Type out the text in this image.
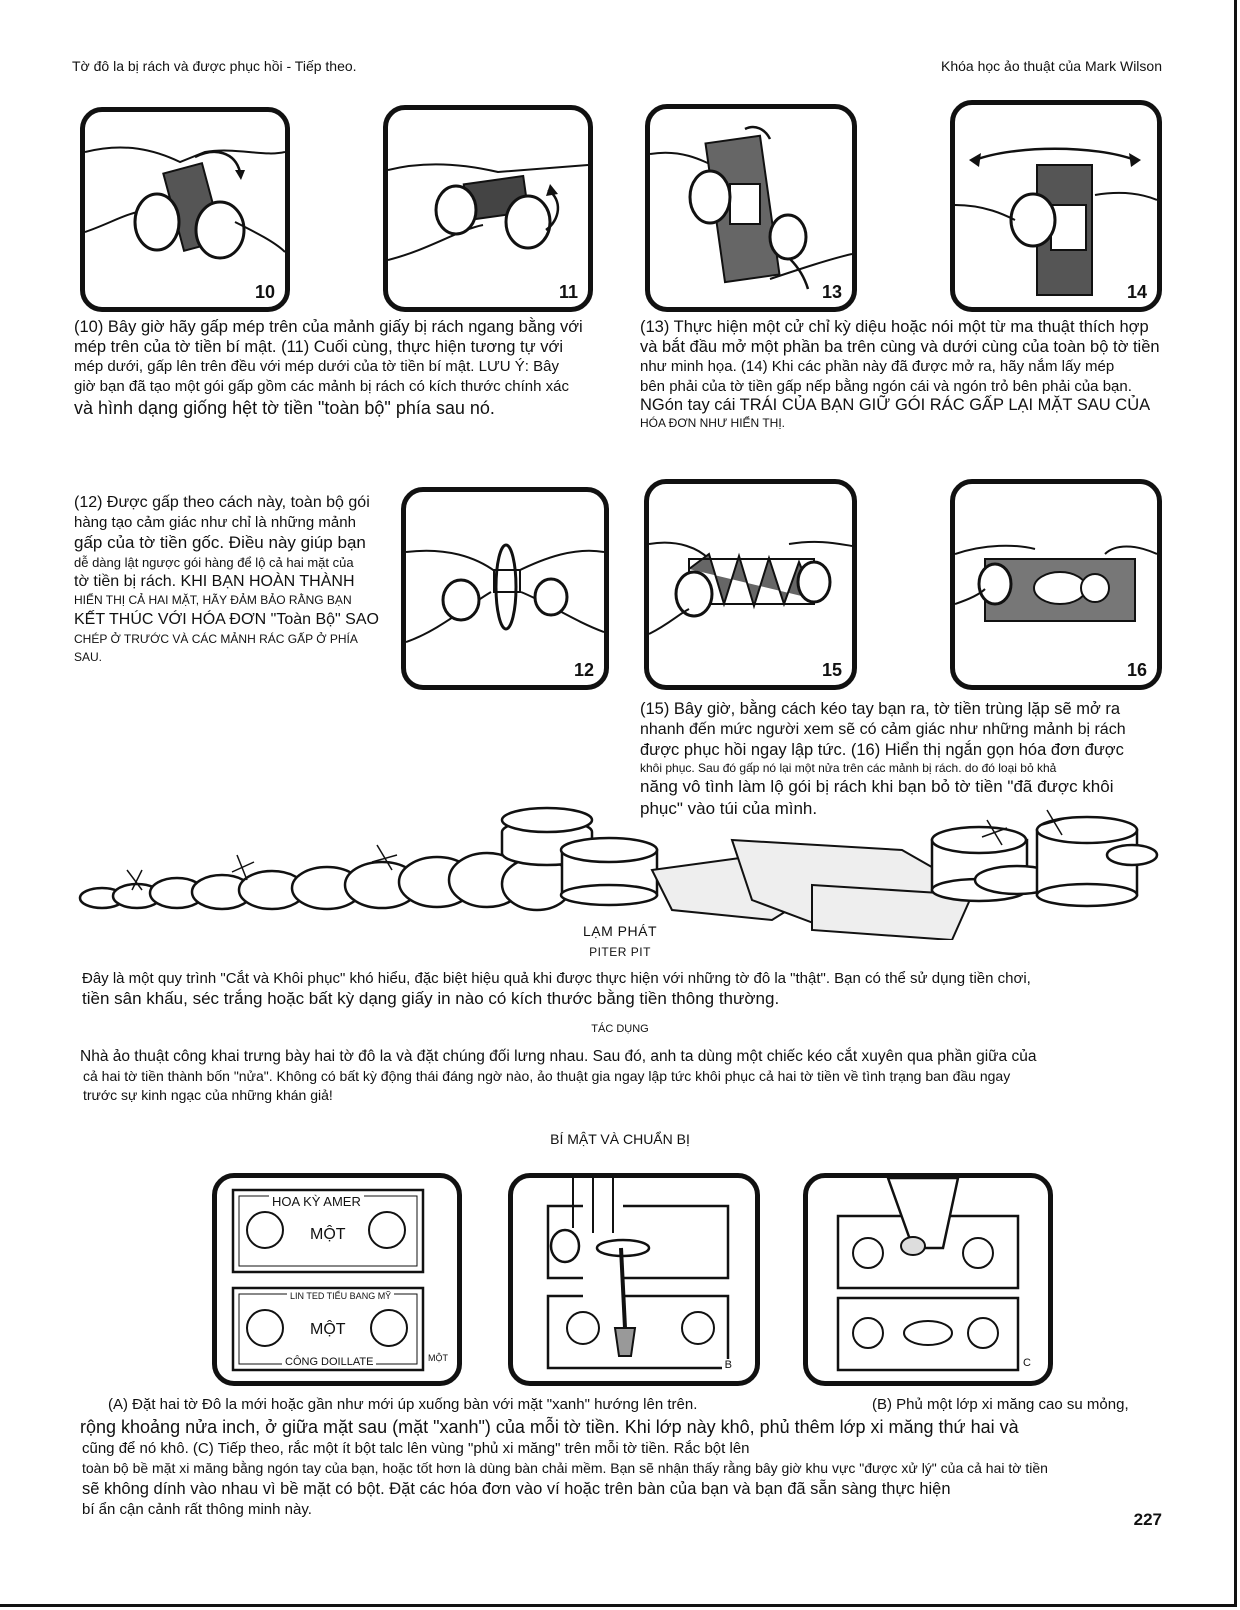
Tờ đô la bị rách và được phục hồi - Tiếp theo.	Khóa học ảo thuật của Mark Wilson
10	11	13	14
(10) Bây giờ hãy gấp mép trên của mảnh giấy bị rách ngang bằng với
mép trên của tờ tiền bí mật. (11) Cuối cùng, thực hiện tương tự với
mép dưới, gấp lên trên đều với mép dưới của tờ tiền bí mật. LƯU Ý: Bây
giờ bạn đã tạo một gói gấp gồm các mảnh bị rách có kích thước chính xác
và hình dạng giống hệt tờ tiền "toàn bộ" phía sau nó.
(13) Thực hiện một cử chỉ kỳ diệu hoặc nói một từ ma thuật thích hợp
và bắt đầu mở một phần ba trên cùng và dưới cùng của toàn bộ tờ tiền
như minh họa. (14) Khi các phần này đã được mở ra, hãy nắm lấy mép
bên phải của tờ tiền gấp nếp bằng ngón cái và ngón trỏ bên phải của bạn.
NGón tay cái TRÁI CỦA BẠN GIỮ GÓI RÁC GẤP LẠI MẶT SAU CỦA
HÓA ĐƠN NHƯ HIỂN THỊ.
(12) Được gấp theo cách này, toàn bộ gói
hàng tạo cảm giác như chỉ là những mảnh
gấp của tờ tiền gốc. Điều này giúp bạn
dễ dàng lật ngược gói hàng để lộ cả hai mặt của
tờ tiền bị rách. KHI BẠN HOÀN THÀNH
HIỂN THỊ CẢ HAI MẶT, HÃY ĐẢM BẢO RẰNG BẠN
KẾT THÚC VỚI HÓA ĐƠN "Toàn Bộ" SAO
CHÉP Ở TRƯỚC VÀ CÁC MẢNH RÁC GẤP Ở PHÍA
SAU.
12	15	16
(15) Bây giờ, bằng cách kéo tay bạn ra, tờ tiền trùng lặp sẽ mở ra
nhanh đến mức người xem sẽ có cảm giác như những mảnh bị rách
được phục hồi ngay lập tức. (16) Hiển thị ngắn gọn hóa đơn được
khôi phục. Sau đó gấp nó lại một nửa trên các mảnh bị rách. do đó loại bỏ khả
năng vô tình làm lộ gói bị rách khi bạn bỏ tờ tiền "đã được khôi
phục" vào túi của mình.
LẠM PHÁT
PITER PIT
Đây là một quy trình "Cắt và Khôi phục" khó hiểu, đặc biệt hiệu quả khi được thực hiện với những tờ đô la "thật". Bạn có thể sử dụng tiền chơi,
tiền sân khấu, séc trắng hoặc bất kỳ dạng giấy in nào có kích thước bằng tiền thông thường.
TÁC DỤNG
Nhà ảo thuật công khai trưng bày hai tờ đô la và đặt chúng đối lưng nhau. Sau đó, anh ta dùng một chiếc kéo cắt xuyên qua phần giữa của
cả hai tờ tiền thành bốn "nửa". Không có bất kỳ động thái đáng ngờ nào, ảo thuật gia ngay lập tức khôi phục cả hai tờ tiền về tình trạng ban đầu ngay
trước sự kinh ngạc của những khán giả!
BÍ MẬT VÀ CHUẨN BỊ
HOA KỲ AMER
MỘT
LIN TED TIỂU BANG MỸ
MỘT
CÔNG DOILLATE	MỘT
B	C
(A) Đặt hai tờ Đô la mới hoặc gần như mới úp xuống bàn với mặt "xanh" hướng lên trên.	(B) Phủ một lớp xi măng cao su mỏng,
rộng khoảng nửa inch, ở giữa mặt sau (mặt "xanh") của mỗi tờ tiền. Khi lớp này khô, phủ thêm lớp xi măng thứ hai và
cũng để nó khô. (C) Tiếp theo, rắc một ít bột talc lên vùng "phủ xi măng" trên mỗi tờ tiền. Rắc bột lên
toàn bộ bề mặt xi măng bằng ngón tay của bạn, hoặc tốt hơn là dùng bàn chải mềm. Bạn sẽ nhận thấy rằng bây giờ khu vực "được xử lý" của cả hai tờ tiền
sẽ không dính vào nhau vì bề mặt có bột. Đặt các hóa đơn vào ví hoặc trên bàn của bạn và bạn đã sẵn sàng thực hiện
bí ẩn cận cảnh rất thông minh này.
227
